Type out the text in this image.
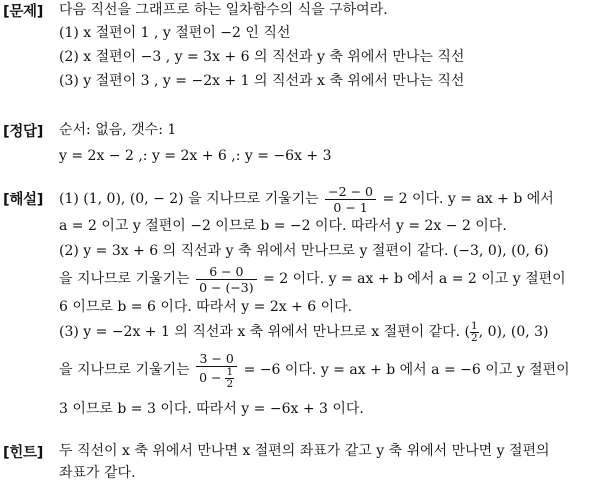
[문제] 다음 직선을 그래프로 하는 일차함수의 식을 구하여라.
(1) x 절편이 1 , y 절편이 −2 인 직선
(2) x 절편이 −3 , y = 3x + 6 의 직선과 y 축 위에서 만나는 직선
(3) y 절편이 3 , y = −2x + 1 의 직선과 x 축 위에서 만나는 직선
[정답] 순서: 없음, 갯수: 1
y = 2x − 2 ,: y = 2x + 6 ,: y = −6x + 3
[해설] (1) (1, 0), (0, − 2) 을 지나므로 기울기는 $\frac{-2 - 0}{0 - 1} = 2$ 이다. y = ax + b 에서
a = 2 이고 y 절편이 −2 이므로 b = −2 이다. 따라서 y = 2x − 2 이다.
(2) y = 3x + 6 의 직선과 y 축 위에서 만나므로 y 절편이 같다. (−3, 0), (0, 6)
을 지나므로 기울기는 $\frac{6 - 0}{0 - (-3)} = 2$ 이다. y = ax + b 에서 a = 2 이고 y 절편이
6 이므로 b = 6 이다. 따라서 y = 2x + 6 이다.
(3) y = −2x + 1 의 직선과 x 축 위에서 만나므로 x 절편이 같다. ( $\frac{1}{2}$ , 0), (0, 3)
을 지나므로 기울기는 $\frac{3 - 0}{0 - \frac{1}{2}} = -6$ 이다. y = ax + b 에서 a = −6 이고 y 절편이
3 이므로 b = 3 이다. 따라서 y = −6x + 3 이다.
[힌트] 두 직선이 x 축 위에서 만나면 x 절편의 좌표가 같고 y 축 위에서 만나면 y 절편의
좌표가 같다.
